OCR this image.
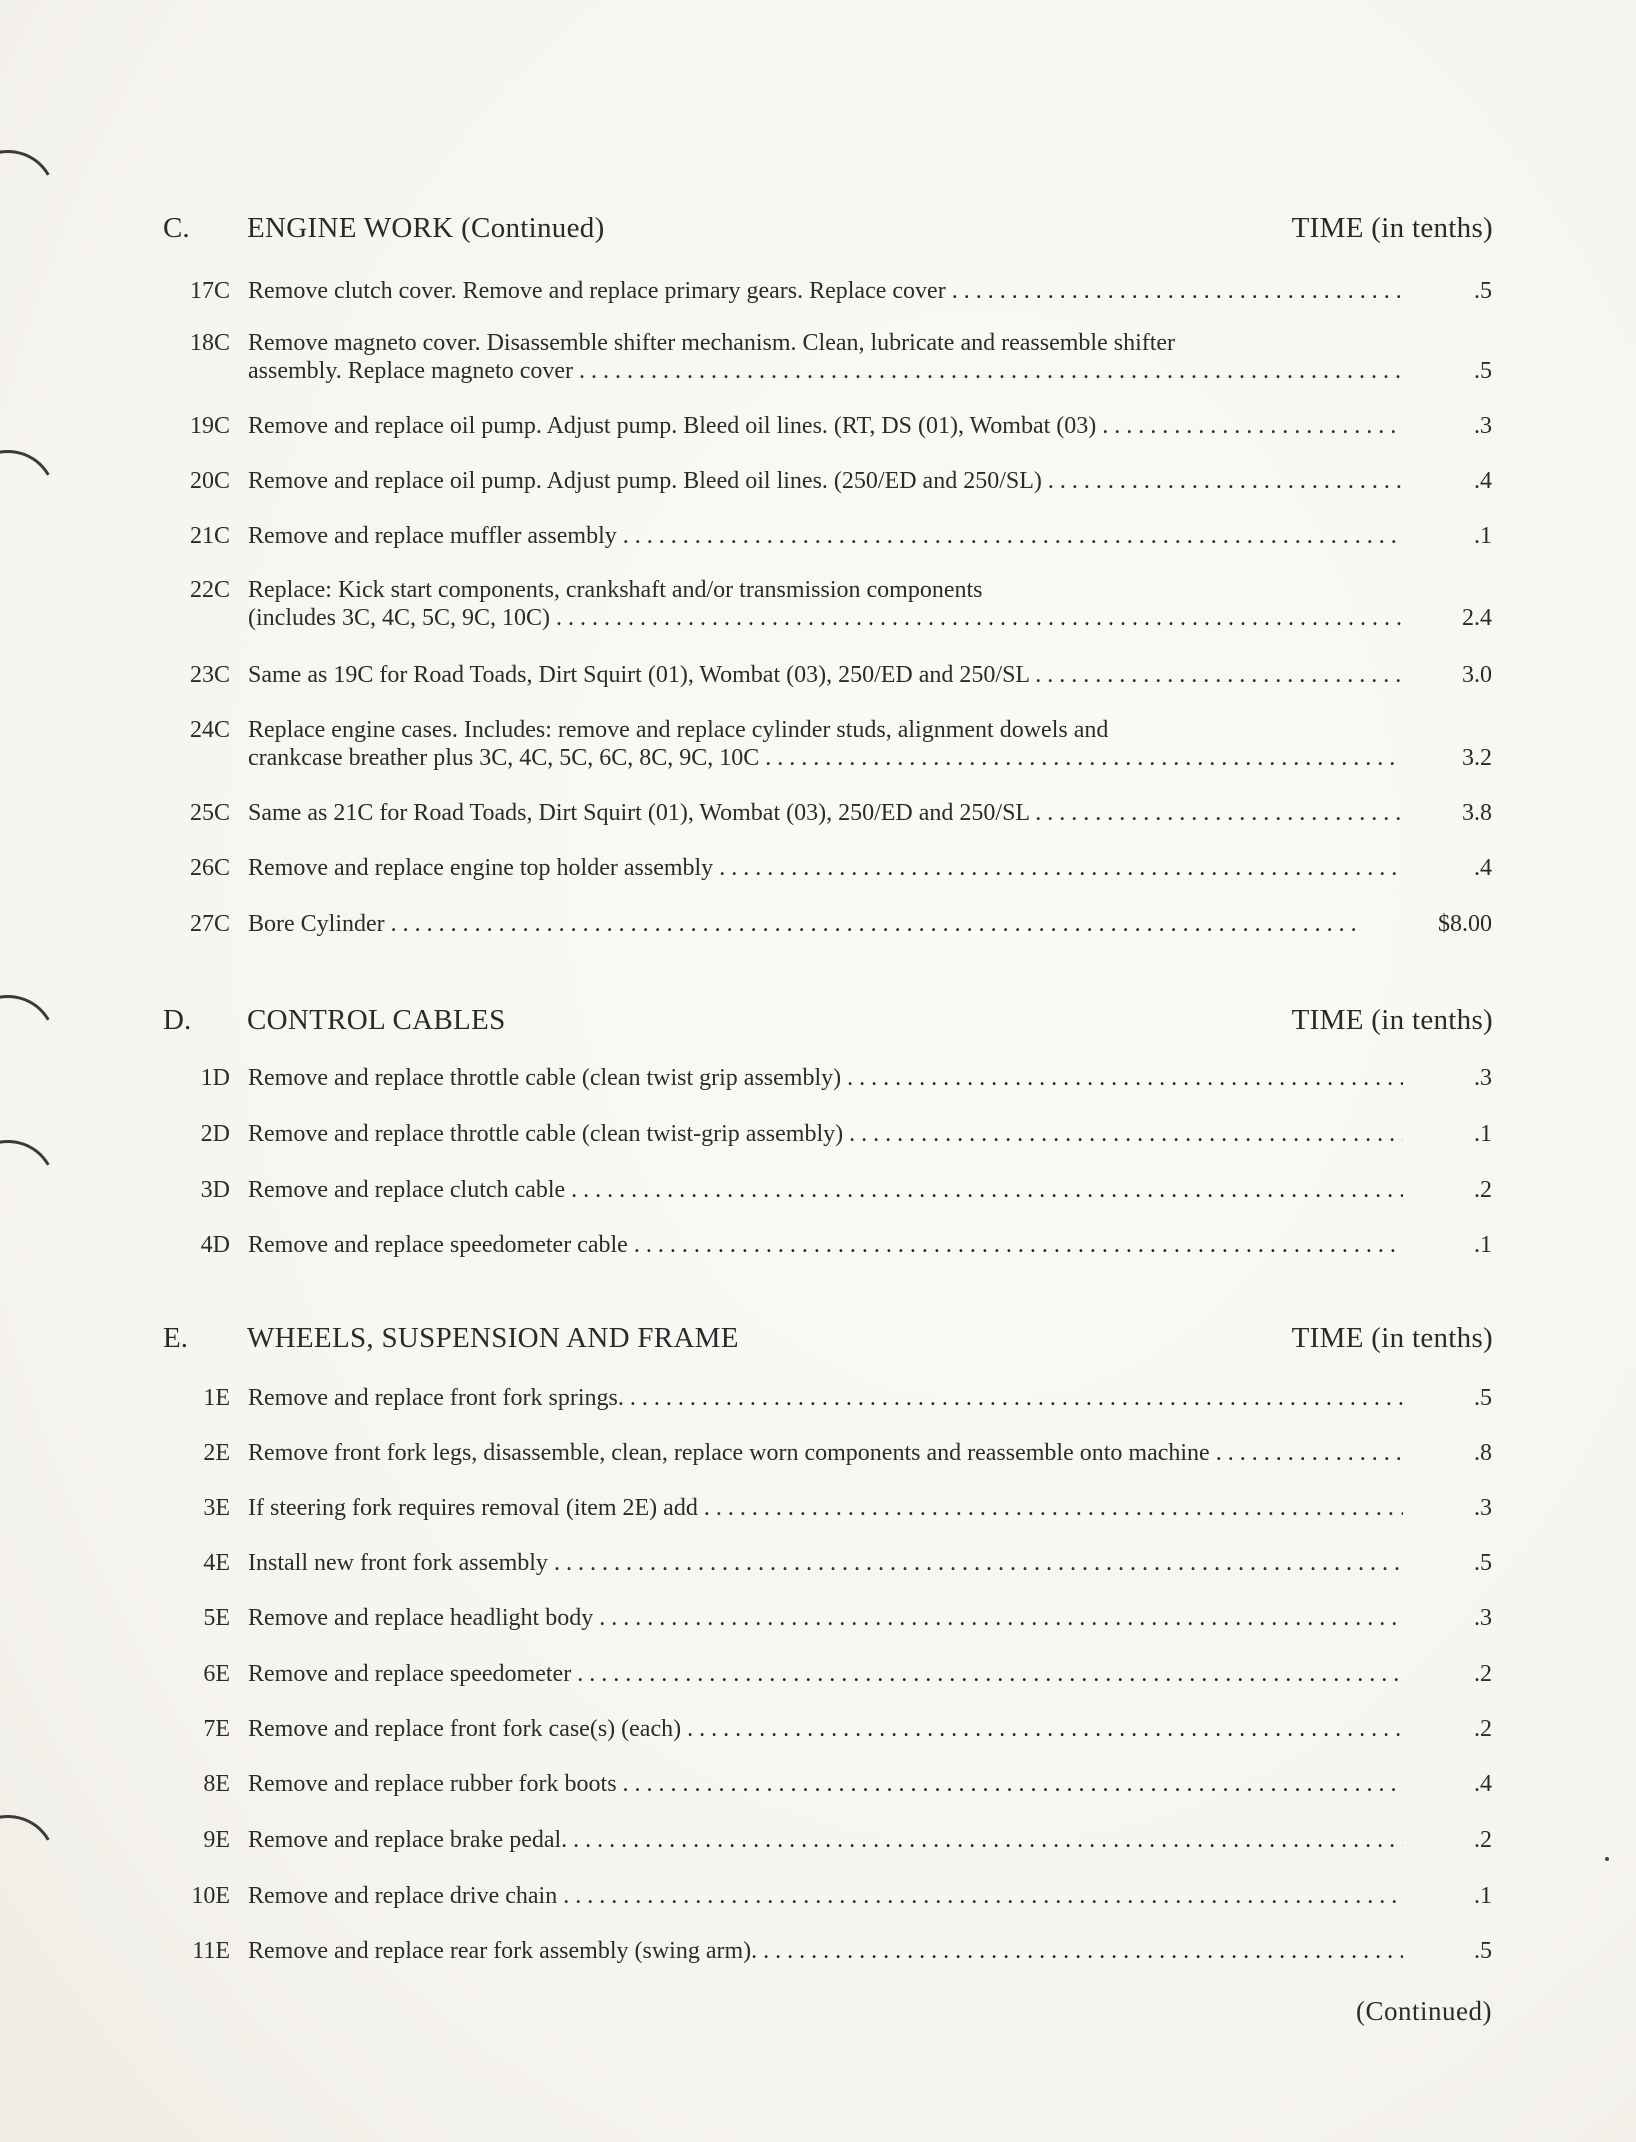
C. ENGINE WORK (Continued)	TIME (in tenths)
17C Remove clutch cover. Remove and replace primary gears. Replace cover . . .	.5
18C Remove magneto cover. Disassemble shifter mechanism. Clean, lubricate and reassemble shifter
assembly. Replace magneto cover . . .	.5
19C Remove and replace oil pump. Adjust pump. Bleed oil lines. (RT, DS (01), Wombat (03) . . .	.3
20C Remove and replace oil pump. Adjust pump. Bleed oil lines. (250/ED and 250/SL) . . .	.4
21C Remove and replace muffler assembly . . .	.1
22C Replace: Kick start components, crankshaft and/or transmission components
(includes 3C, 4C, 5C, 9C, 10C) . . .	2.4
23C Same as 19C for Road Toads, Dirt Squirt (01), Wombat (03), 250/ED and 250/SL . . .	3.0
24C Replace engine cases. Includes: remove and replace cylinder studs, alignment dowels and
crankcase breather plus 3C, 4C, 5C, 6C, 8C, 9C, 10C . . .	3.2
25C Same as 21C for Road Toads, Dirt Squirt (01), Wombat (03), 250/ED and 250/SL . . .	3.8
26C Remove and replace engine top holder assembly . . .	.4
27C Bore Cylinder . . .	$8.00
D. CONTROL CABLES	TIME (in tenths)
1D Remove and replace throttle cable (clean twist grip assembly) . . .	.3
2D Remove and replace throttle cable (clean twist-grip assembly) . . .	.1
3D Remove and replace clutch cable . . .	.2
4D Remove and replace speedometer cable . . .	.1
E. WHEELS, SUSPENSION AND FRAME	TIME (in tenths)
1E Remove and replace front fork springs. . . .	.5
2E Remove front fork legs, disassemble, clean, replace worn components and reassemble onto machine . . .	.8
3E If steering fork requires removal (item 2E) add . . .	.3
4E Install new front fork assembly . . .	.5
5E Remove and replace headlight body . . .	.3
6E Remove and replace speedometer . . .	.2
7E Remove and replace front fork case(s) (each) . . .	.2
8E Remove and replace rubber fork boots . . .	.4
9E Remove and replace brake pedal. . . .	.2
10E Remove and replace drive chain . . .	.1
11E Remove and replace rear fork assembly (swing arm). . . .	.5
(Continued)
